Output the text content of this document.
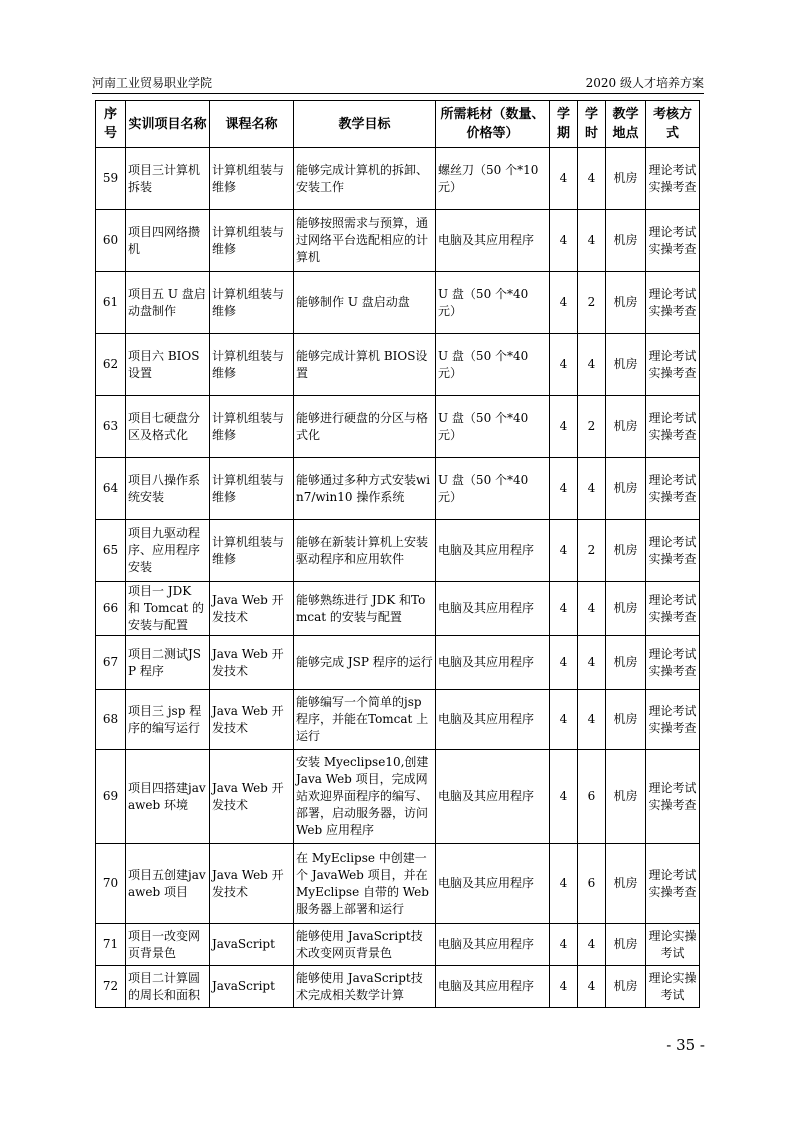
河南工业贸易职业学院	2020 级人才培养方案
序号	实训项目名称	课程名称	教学目标	所需耗材（数量、价格等）	学期	学时	教学地点	考核方式
59	项目三计算机拆装	计算机组装与维修	能够完成计算机的拆卸、安装工作	螺丝刀（50 个*10元）	4	4	机房	理论考试实操考查
60	项目四网络攒机	计算机组装与维修	能够按照需求与预算，通过网络平台选配相应的计算机	电脑及其应用程序	4	4	机房	理论考试实操考查
61	项目五 U 盘启动盘制作	计算机组装与维修	能够制作 U 盘启动盘	U 盘（50 个*40 元）	4	2	机房	理论考试实操考查
62	项目六 BIOS设置	计算机组装与维修	能够完成计算机 BIOS设置	U 盘（50 个*40 元）	4	4	机房	理论考试实操考查
63	项目七硬盘分区及格式化	计算机组装与维修	能够进行硬盘的分区与格式化	U 盘（50 个*40 元）	4	2	机房	理论考试实操考查
64	项目八操作系统安装	计算机组装与维修	能够通过多种方式安装win7/win10 操作系统	U 盘（50 个*40 元）	4	4	机房	理论考试实操考查
65	项目九驱动程序、应用程序安装	计算机组装与维修	能够在新装计算机上安装驱动程序和应用软件	电脑及其应用程序	4	2	机房	理论考试实操考查
66	项目一 JDK 和 Tomcat 的安装与配置	Java Web 开发技术	能够熟练进行 JDK 和Tomcat 的安装与配置	电脑及其应用程序	4	4	机房	理论考试实操考查
67	项目二测试JSP 程序	Java Web 开发技术	能够完成 JSP 程序的运行	电脑及其应用程序	4	4	机房	理论考试实操考查
68	项目三 jsp 程序的编写运行	Java Web 开发技术	能够编写一个简单的jsp 程序，并能在Tomcat 上运行	电脑及其应用程序	4	4	机房	理论考试实操考查
69	项目四搭建javaweb 环境	Java Web 开发技术	安装 Myeclipse10,创建 Java Web 项目，完成网站欢迎界面程序的编写、部署，启动服务器，访问 Web 应用程序	电脑及其应用程序	4	6	机房	理论考试实操考查
70	项目五创建javaweb 项目	Java Web 开发技术	在 MyEclipse 中创建一个 JavaWeb 项目，并在MyEclipse 自带的 Web服务器上部署和运行	电脑及其应用程序	4	6	机房	理论考试实操考查
71	项目一改变网页背景色	JavaScript	能够使用 JavaScript技术改变网页背景色	电脑及其应用程序	4	4	机房	理论实操考试
72	项目二计算圆的周长和面积	JavaScript	能够使用 JavaScript技术完成相关数学计算	电脑及其应用程序	4	4	机房	理论实操考试
- 35 -
